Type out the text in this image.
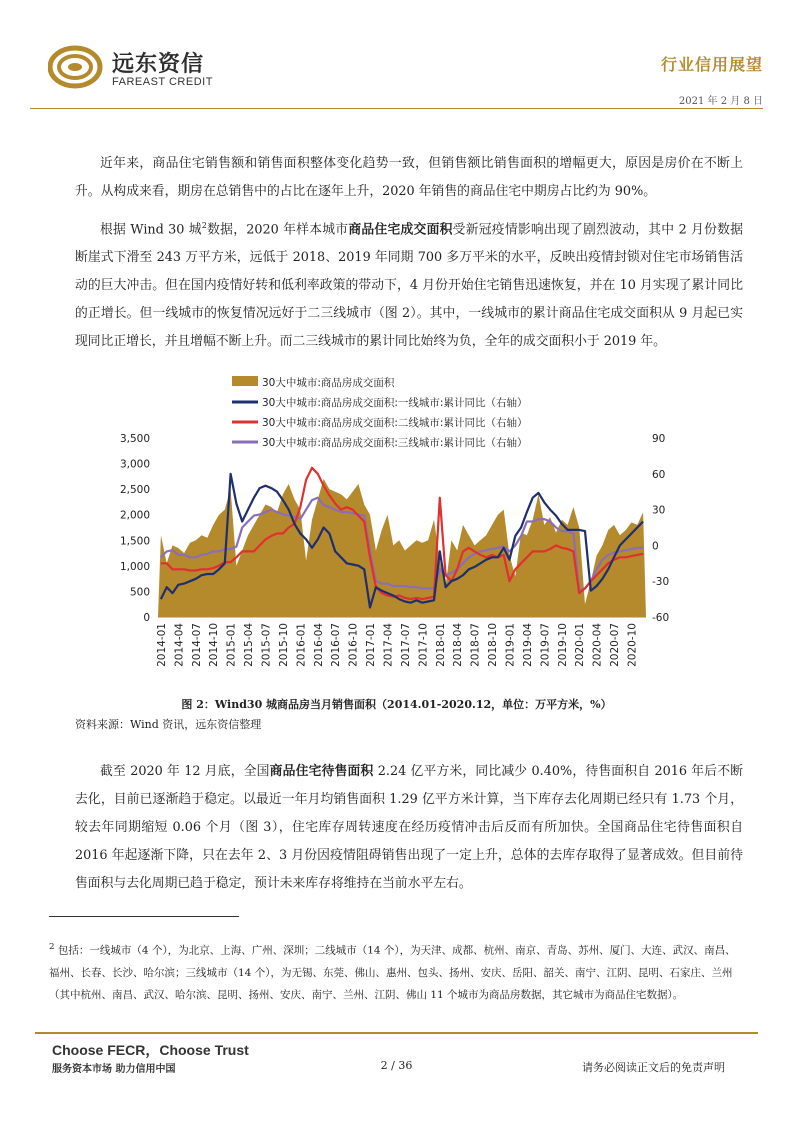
远东资信
FAREAST CREDIT
行业信用展望
2021 年 2 月 8 日
近年来，商品住宅销售额和销售面积整体变化趋势一致，但销售额比销售面积的增幅更大，原因是房价在不断上升。从构成来看，期房在总销售中的占比在逐年上升，2020 年销售的商品住宅中期房占比约为 90%。
根据 Wind 30 城$^2$数据，2020 年样本城市商品住宅成交面积受新冠疫情影响出现了剧烈波动，其中 2 月份数据断崖式下滑至 243 万平方米，远低于 2018、2019 年同期 700 多万平米的水平，反映出疫情封锁对住宅市场销售活动的巨大冲击。但在国内疫情好转和低利率政策的带动下，4 月份开始住宅销售迅速恢复，并在 10 月实现了累计同比的正增长。但一线城市的恢复情况远好于二三线城市（图 2）。其中，一线城市的累计商品住宅成交面积从 9 月起已实现同比正增长，并且增幅不断上升。而二三线城市的累计同比始终为负，全年的成交面积小于 2019 年。
30大中城市:商品房成交面积
30大中城市:商品房成交面积:一线城市:累计同比（右轴）
30大中城市:商品房成交面积:二线城市:累计同比（右轴）
30大中城市:商品房成交面积:三线城市:累计同比（右轴）
0
500
1,000
1,500
2,000
2,500
3,000
3,500
-60
-30
0
30
60
90
2014-01 2014-04 2014-07 2014-10 2015-01 2015-04 2015-07 2015-10 2016-01 2016-04 2016-07 2016-10 2017-01 2017-04 2017-07 2017-10 2018-01 2018-04 2018-07 2018-10 2019-01 2019-04 2019-07 2019-10 2020-01 2020-04 2020-07 2020-10
图 2：Wind30 城商品房当月销售面积（2014.01-2020.12，单位：万平方米，%）
资料来源：Wind 资讯，远东资信整理
截至 2020 年 12 月底，全国商品住宅待售面积 2.24 亿平方米，同比减少 0.40%，待售面积自 2016 年后不断去化，目前已逐渐趋于稳定。以最近一年月均销售面积 1.29 亿平方米计算，当下库存去化周期已经只有 1.73 个月，较去年同期缩短 0.06 个月（图 3），住宅库存周转速度在经历疫情冲击后反而有所加快。全国商品住宅待售面积自 2016 年起逐渐下降，只在去年 2、3 月份因疫情阻碍销售出现了一定上升，总体的去库存取得了显著成效。但目前待售面积与去化周期已趋于稳定，预计未来库存将维持在当前水平左右。
$^2$ 包括：一线城市（4 个），为北京、上海、广州、深圳；二线城市（14 个），为天津、成都、杭州、南京、青岛、苏州、厦门、大连、武汉、南昌、福州、长春、长沙、哈尔滨；三线城市（14 个），为无锡、东莞、佛山、惠州、包头、扬州、安庆、岳阳、韶关、南宁、江阴、昆明、石家庄、兰州（其中杭州、南昌、武汉、哈尔滨、昆明、扬州、安庆、南宁、兰州、江阴、佛山 11 个城市为商品房数据，其它城市为商品住宅数据）。
Choose FECR，Choose Trust
服务资本市场 助力信用中国	2 / 36	请务必阅读正文后的免责声明
